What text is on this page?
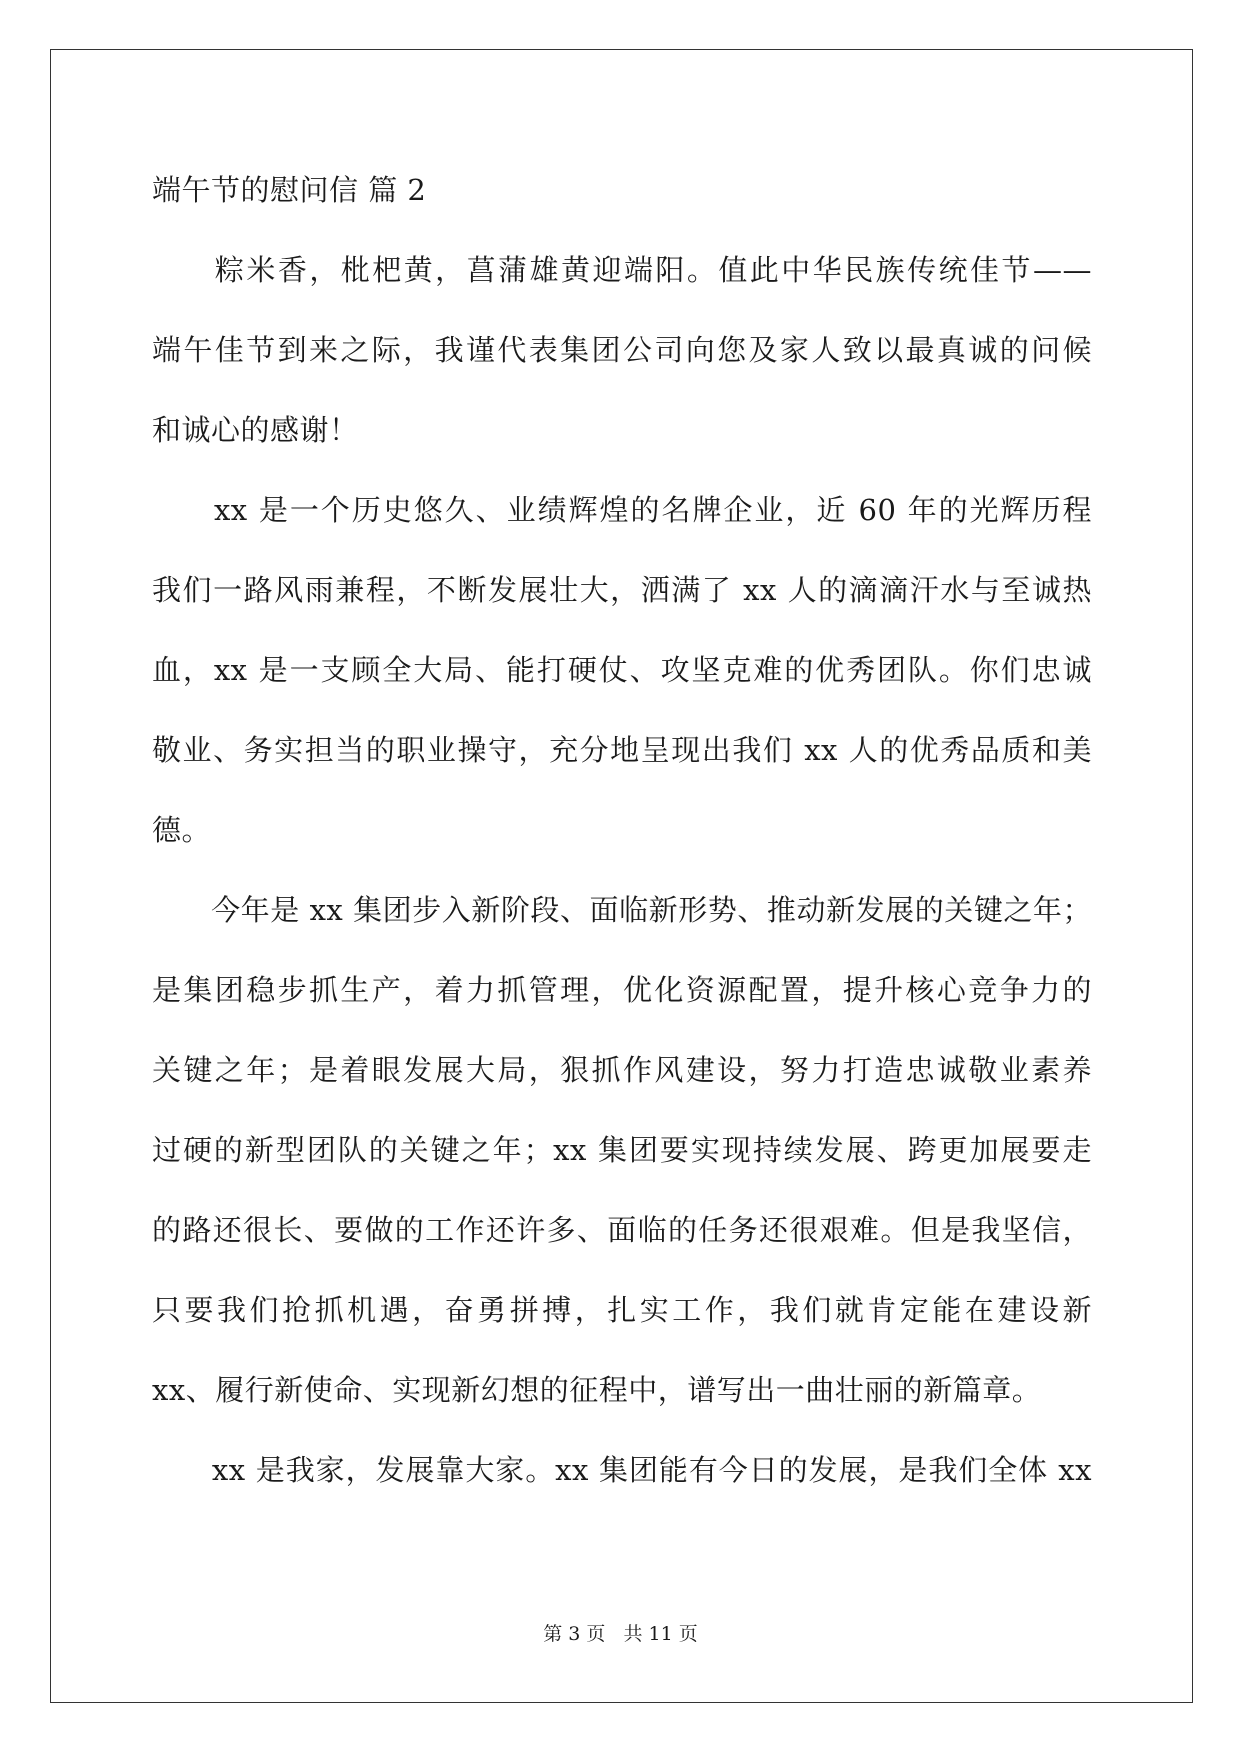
端午节的慰问信 篇 2
　　粽米香，枇杷黄，菖蒲雄黄迎端阳。值此中华民族传统佳节——
端午佳节到来之际，我谨代表集团公司向您及家人致以最真诚的问候
和诚心的感谢！
　　xx 是一个历史悠久、业绩辉煌的名牌企业，近 60 年的光辉历程
我们一路风雨兼程，不断发展壮大，洒满了 xx 人的滴滴汗水与至诚热
血，xx 是一支顾全大局、能打硬仗、攻坚克难的优秀团队。你们忠诚
敬业、务实担当的职业操守，充分地呈现出我们 xx 人的优秀品质和美
德。
　　今年是 xx 集团步入新阶段、面临新形势、推动新发展的关键之年；
是集团稳步抓生产，着力抓管理，优化资源配置，提升核心竞争力的
关键之年；是着眼发展大局，狠抓作风建设，努力打造忠诚敬业素养
过硬的新型团队的关键之年；xx 集团要实现持续发展、跨更加展要走
的路还很长、要做的工作还许多、面临的任务还很艰难。但是我坚信，
只要我们抢抓机遇，奋勇拼搏，扎实工作，我们就肯定能在建设新
xx、履行新使命、实现新幻想的征程中，谱写出一曲壮丽的新篇章。
　　xx 是我家，发展靠大家。xx 集团能有今日的发展，是我们全体 xx
第 3 页 共 11 页
